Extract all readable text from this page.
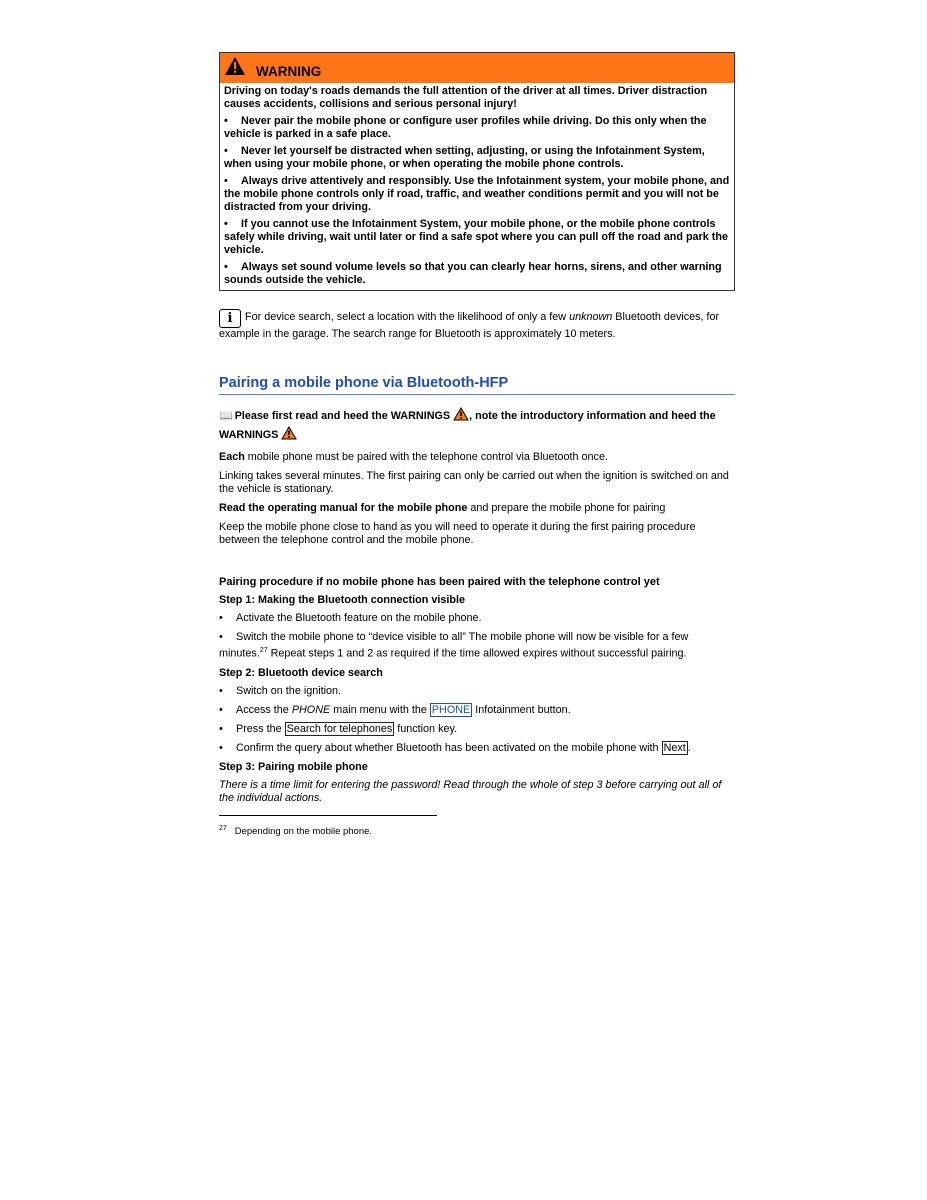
WARNING

Driving on today's roads demands the full attention of the driver at all times. Driver distraction causes accidents, collisions and serious personal injury!

• Never pair the mobile phone or configure user profiles while driving. Do this only when the vehicle is parked in a safe place.

• Never let yourself be distracted when setting, adjusting, or using the Infotainment System, when using your mobile phone, or when operating the mobile phone controls.

• Always drive attentively and responsibly. Use the Infotainment system, your mobile phone, and the mobile phone controls only if road, traffic, and weather conditions permit and you will not be distracted from your driving.

• If you cannot use the Infotainment System, your mobile phone, or the mobile phone controls safely while driving, wait until later or find a safe spot where you can pull off the road and park the vehicle.

• Always set sound volume levels so that you can clearly hear horns, sirens, and other warning sounds outside the vehicle.

i For device search, select a location with the likelihood of only a few unknown Bluetooth devices, for example in the garage. The search range for Bluetooth is approximately 10 meters.

Pairing a mobile phone via Bluetooth-HFP

📖 Please first read and heed the WARNINGS , note the introductory information and heed the WARNINGS

Each mobile phone must be paired with the telephone control via Bluetooth once.

Linking takes several minutes. The first pairing can only be carried out when the ignition is switched on and the vehicle is stationary.

Read the operating manual for the mobile phone and prepare the mobile phone for pairing

Keep the mobile phone close to hand as you will need to operate it during the first pairing procedure between the telephone control and the mobile phone.

Pairing procedure if no mobile phone has been paired with the telephone control yet
Step 1: Making the Bluetooth connection visible
• Activate the Bluetooth feature on the mobile phone.
• Switch the mobile phone to “device visible to all” The mobile phone will now be visible for a few minutes.$^{27}$ Repeat steps 1 and 2 as required if the time allowed expires without successful pairing.
Step 2: Bluetooth device search
• Switch on the ignition.
• Access the PHONE main menu with the PHONE Infotainment button.
• Press the Search for telephones function key.
• Confirm the query about whether Bluetooth has been activated on the mobile phone with Next .
Step 3: Pairing mobile phone

There is a time limit for entering the password! Read through the whole of step 3 before carrying out all of the individual actions.

$^{27}$ Depending on the mobile phone.
